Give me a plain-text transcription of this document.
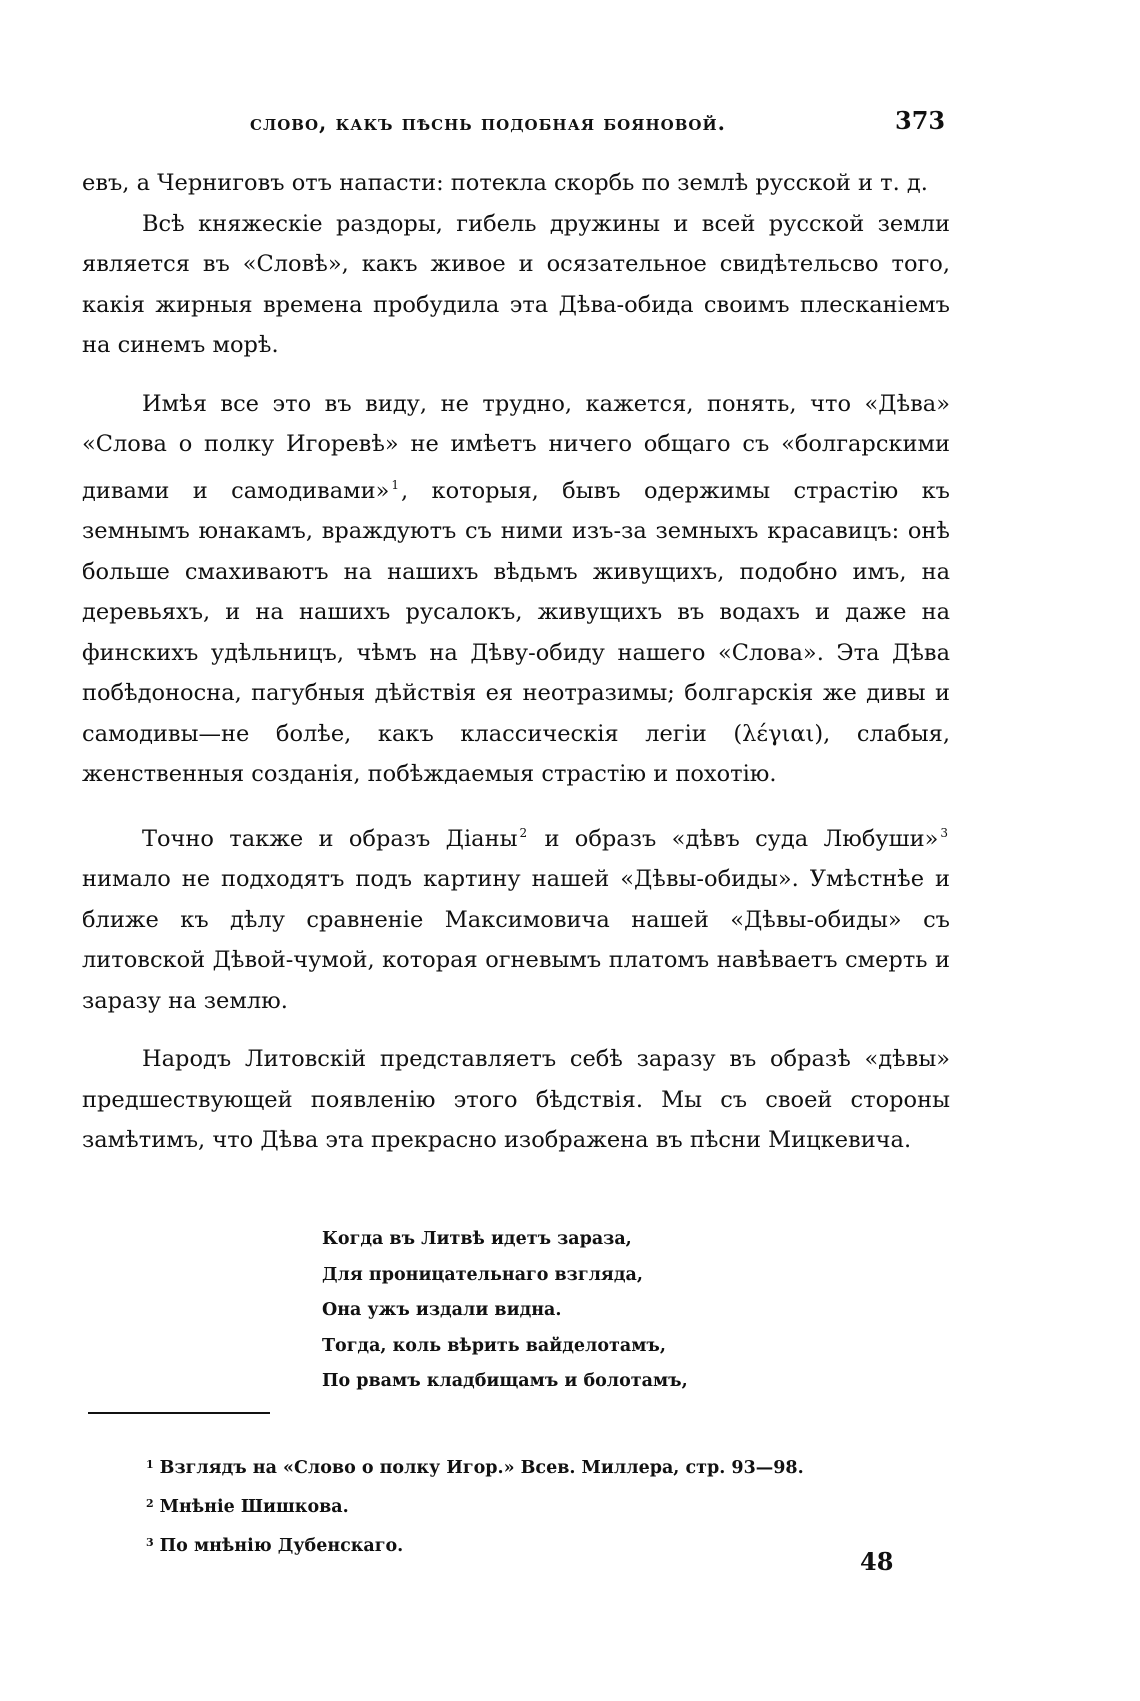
слово, какъ пѣснь подобная бояновой.	373

евъ, а Черниговъ отъ напасти: потекла скорбь по землѣ русской и т. д.

Всѣ княжескіе раздоры, гибель дружины и всей русской земли является въ «Словѣ», какъ живое и осязательное свидѣтельсво того, какія жирныя времена пробудила эта Дѣва-обида своимъ плесканіемъ на синемъ морѣ.

Имѣя все это въ виду, не трудно, кажется, понять, что «Дѣва» «Слова о полку Игоревѣ» не имѣетъ ничего общаго съ «болгарскими дивами и самодивами» $^1$, которыя, бывъ одержимы страстію къ земнымъ юнакамъ, враждуютъ съ ними изъ-за земныхъ красавицъ: онѣ больше смахиваютъ на нашихъ вѣдьмъ живущихъ, подобно имъ, на деревьяхъ, и на нашихъ русалокъ, живущихъ въ водахъ и даже на финскихъ удѣльницъ, чѣмъ на Дѣву-обиду нашего «Слова». Эта Дѣва побѣдоносна, пагубныя дѣйствія ея неотразимы; болгарскія же дивы и самодивы—не болѣе, какъ классическія легіи (λέγιαι), слабыя, женственныя созданія, побѣждаемыя страстію и похотію.

Точно также и образъ Діаны $^2$ и образъ «дѣвъ суда Любуши» $^3$ нимало не подходятъ подъ картину нашей «Дѣвы-обиды». Умѣстнѣе и ближе къ дѣлу сравненіе Максимовича нашей «Дѣвы-обиды» съ литовской Дѣвой-чумой, которая огневымъ платомъ навѣваетъ смерть и заразу на землю.

Народъ Литовскій представляетъ себѣ заразу въ образѣ «дѣвы» предшествующей появленію этого бѣдствія. Мы съ своей стороны замѣтимъ, что Дѣва эта прекрасно изображена въ пѣсни Мицкевича.

Когда въ Литвѣ идетъ зараза,
Для проницательнаго взгляда,
Она ужъ издали видна.
Тогда, коль вѣрить вайделотамъ,
По рвамъ кладбищамъ и болотамъ,
$^1$ Взглядъ на «Слово о полку Игор.» Всев. Миллера, стр. 93—98.
$^2$ Мнѣніе Шишкова.
$^3$ По мнѣнію Дубенскаго.
48
